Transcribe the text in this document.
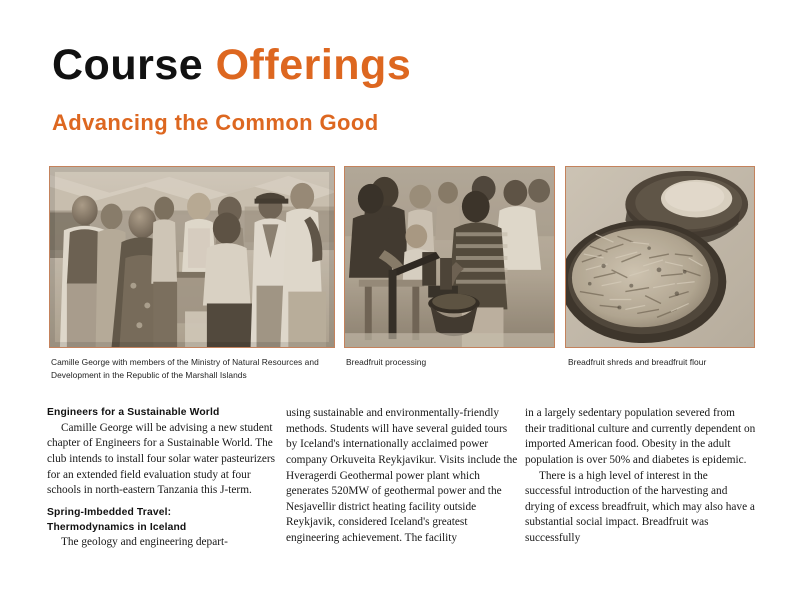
Course Offerings
Advancing the Common Good
Camille George with members of the Ministry of Natural Resources and Development in the Republic of the Marshall Islands
Breadfruit processing	Breadfruit shreds and breadfruit flour
Engineers for a Sustainable World

Camille George will be advising a new student chapter of Engineers for a Sustainable World. The club intends to install four solar water pasteurizers for an extended field evaluation study at four schools in north-eastern Tanzania this J-term.

Spring-Imbedded Travel:
Thermodynamics in Iceland

The geology and engineering depart-

using sustainable and environmentally-friendly methods. Students will have several guided tours by Iceland's internationally acclaimed power company Orkuveita Reykjavikur. Visits include the Hveragerdi Geothermal power plant which generates 520MW of geothermal power and the Nesjavellir district heating facility outside Reykjavik, considered Iceland's greatest engineering achievement. The facility

in a largely sedentary population severed from their traditional culture and currently dependent on imported American food. Obesity in the adult population is over 50% and diabetes is epidemic.

There is a high level of interest in the successful introduction of the harvesting and drying of excess breadfruit, which may also have a substantial social impact. Breadfruit was successfully
